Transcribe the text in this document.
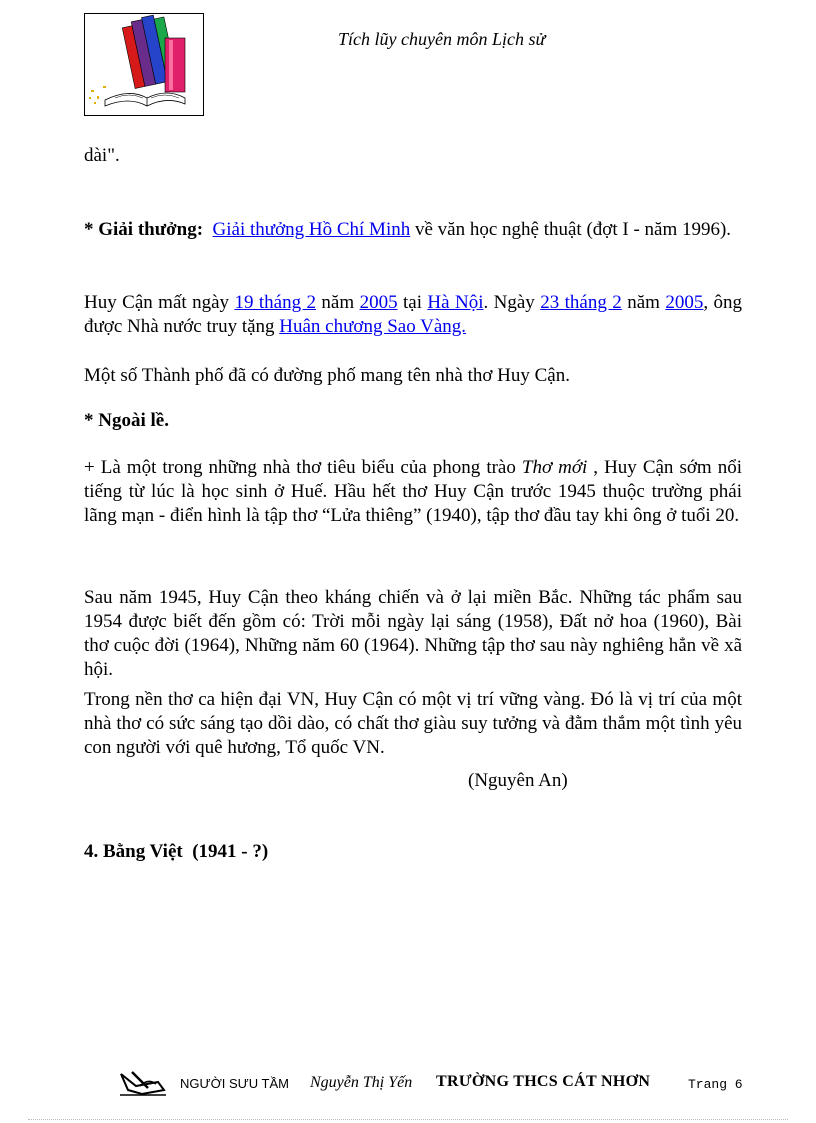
Tích lũy chuyên môn Lịch sử
dài".

* Giải thưởng: Giải thưởng Hồ Chí Minh về văn học nghệ thuật (đợt I - năm 1996).

Huy Cận mất ngày 19 tháng 2 năm 2005 tại Hà Nội. Ngày 23 tháng 2 năm 2005, ông được Nhà nước truy tặng Huân chương Sao Vàng.

Một số Thành phố đã có đường phố mang tên nhà thơ Huy Cận.
* Ngoài lề.

+ Là một trong những nhà thơ tiêu biểu của phong trào Thơ mới , Huy Cận sớm nổi tiếng từ lúc là học sinh ở Huế. Hầu hết thơ Huy Cận trước 1945 thuộc trường phái lãng mạn - điển hình là tập thơ “Lửa thiêng” (1940), tập thơ đầu tay khi ông ở tuổi 20.

Sau năm 1945, Huy Cận theo kháng chiến và ở lại miền Bắc. Những tác phẩm sau 1954 được biết đến gồm có: Trời mỗi ngày lại sáng (1958), Đất nở hoa (1960), Bài thơ cuộc đời (1964), Những năm 60 (1964). Những tập thơ sau này nghiêng hẳn về xã hội.
Trong nền thơ ca hiện đại VN, Huy Cận có một vị trí vững vàng. Đó là vị trí của một nhà thơ có sức sáng tạo dồi dào, có chất thơ giàu suy tưởng và đằm thắm một tình yêu con người với quê hương, Tổ quốc VN.
(Nguyên An)
4. Bằng Việt  (1941 - ?)
NGƯỜI SƯU TẦM Nguyễn Thị Yến TRƯỜNG THCS CÁT NHƠN	Trang 6
